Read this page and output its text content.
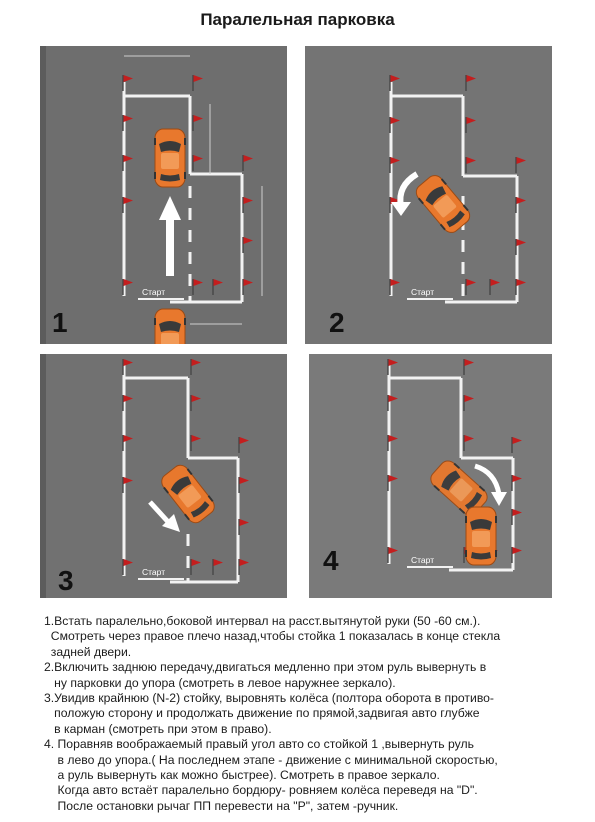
Паралельная парковка
Старт
1
Старт
2
Старт
3
Старт
4

1.Встать паралельно,боковой интервал на расст.вытянутой руки (50 -60 см.).

Смотреть через правое плечо назад,чтобы стойка 1 показалась в конце стекла

задней двери.

2.Включить заднюю передачу,двигаться медленно при этом руль вывернуть в

ну парковки до упора (смотреть в левое наружнее зеркало).

3.Увидив крайнюю (N-2) стойку, выровнять колёса (полтора оборота в противо-

положую сторону и продолжать движение по прямой,задвигая авто глубже

в карман (смотреть при этом в право).

4. Поравняв воображаемый правый угол авто со стойкой 1 ,вывернуть руль

в лево до упора.( На последнем этапе - движение с минимальной скоростью,

а руль вывернуть как можно быстрее). Смотреть в правое зеркало.

Когда авто встаёт паралельно бордюру- ровняем колёса переведя на "D".

После остановки рычаг ПП перевести на "P", затем -ручник.
